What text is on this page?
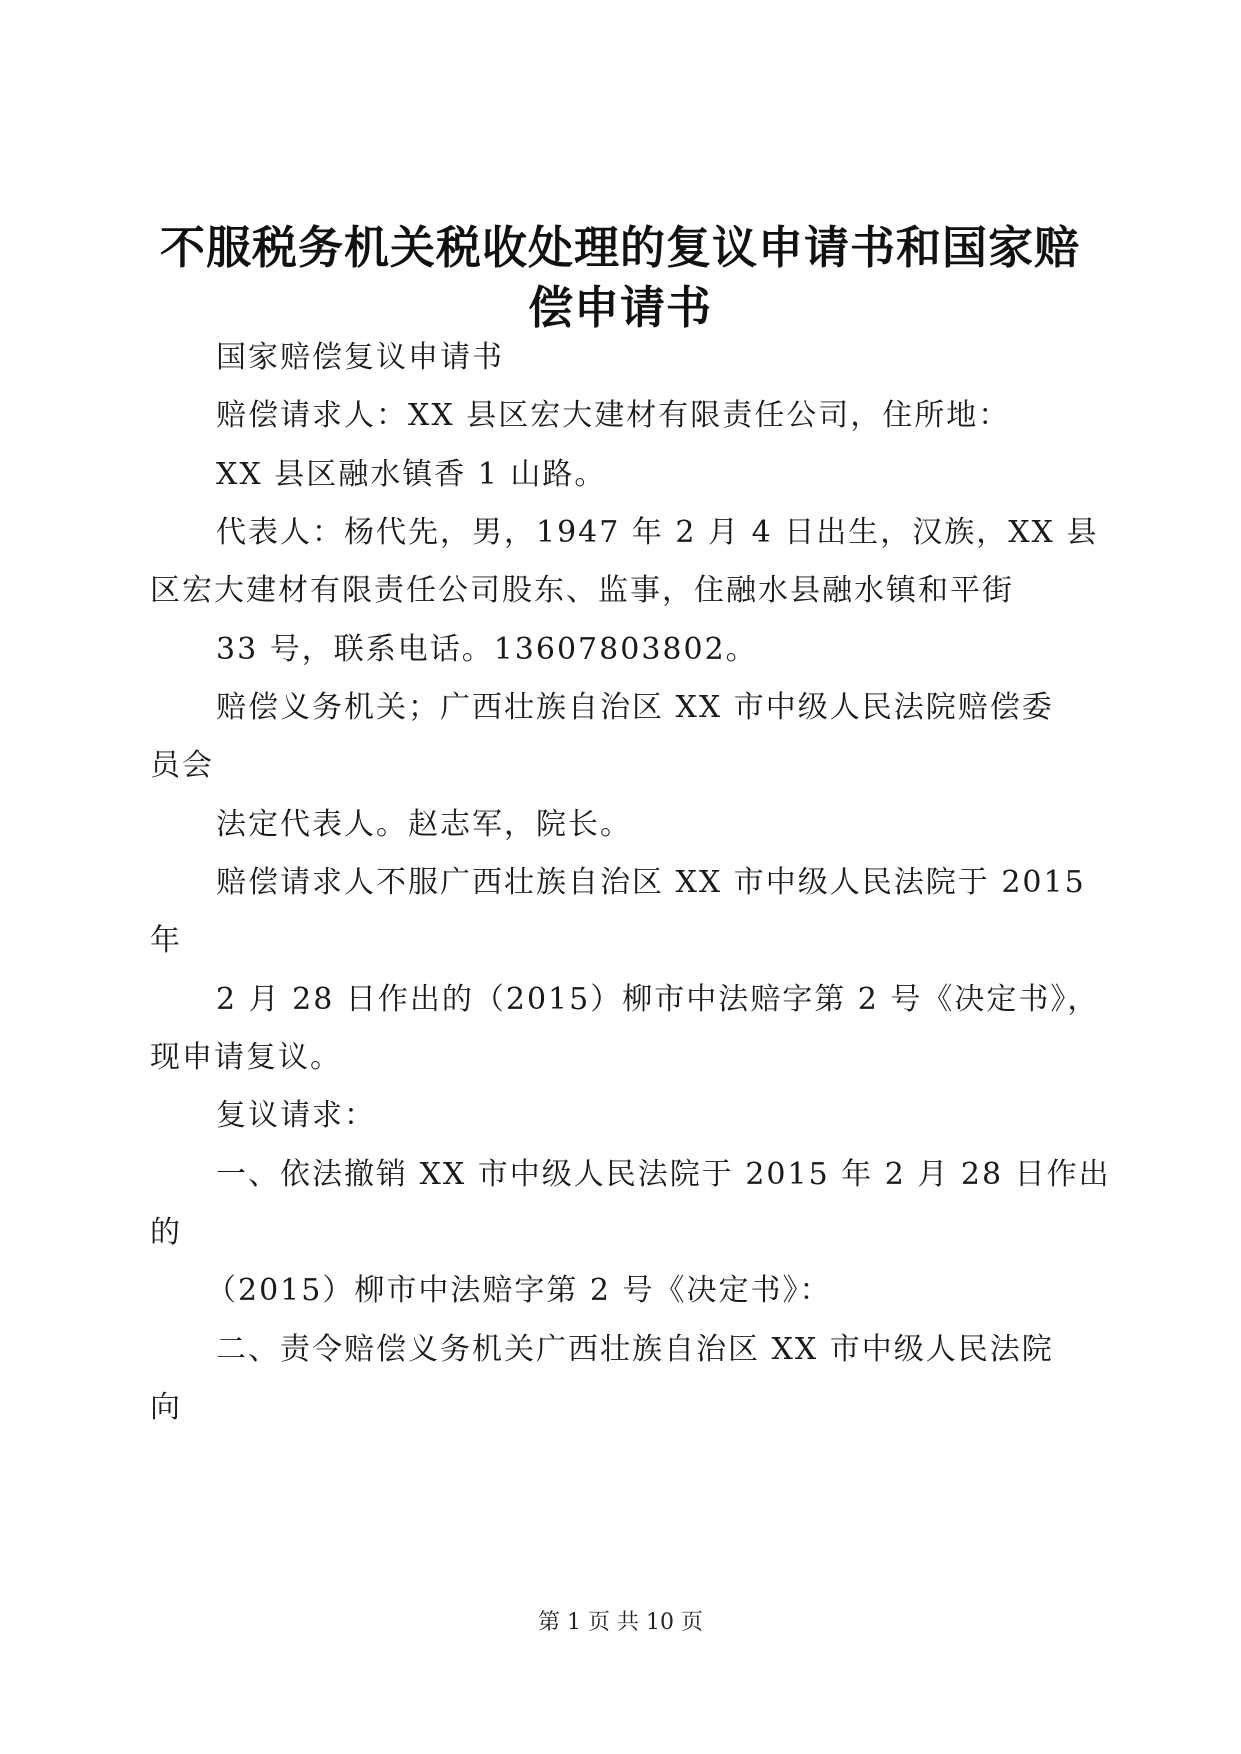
不服税务机关税收处理的复议申请书和国家赔
偿申请书
国家赔偿复议申请书
赔偿请求人：XX 县区宏大建材有限责任公司，住所地：
XX 县区融水镇香 1 山路。
代表人：杨代先，男，1947 年 2 月 4 日出生，汉族，XX 县
区宏大建材有限责任公司股东、监事，住融水县融水镇和平街
33 号，联系电话。13607803802。
赔偿义务机关；广西壮族自治区 XX 市中级人民法院赔偿委
员会
法定代表人。赵志军，院长。
赔偿请求人不服广西壮族自治区 XX 市中级人民法院于 2015
年
2 月 28 日作出的（2015）柳市中法赔字第 2 号《决定书》，
现申请复议。
复议请求：
一、依法撤销 XX 市中级人民法院于 2015 年 2 月 28 日作出
的
（2015）柳市中法赔字第 2 号《决定书》：
二、责令赔偿义务机关广西壮族自治区 XX 市中级人民法院
向
第 1 页 共 10 页
